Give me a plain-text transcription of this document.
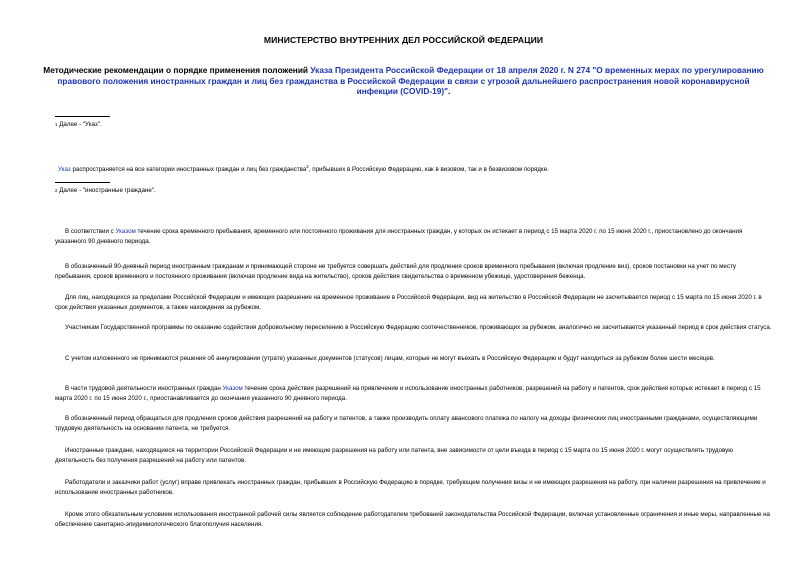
МИНИСТЕРСТВО ВНУТРЕННИХ ДЕЛ РОССИЙСКОЙ ФЕДЕРАЦИИ

Методические рекомендации о порядке применения положений Указа Президента Российской Федерации от 18 апреля 2020 г. N 274 "О временных мерах по урегулированию правового положения иностранных граждан и лиц без гражданства в Российской Федерации в связи с угрозой дальнейшего распространения новой коронавирусной инфекции (COVID-19)".

1 Далее - "Указ".

Указ распространяется на все категории иностранных граждан и лиц без гражданства$^2$, прибывших в Российскую Федерацию, как в визовом, так и в безвизовом порядке.

2 Далее - "иностранные граждане".

В соответствии с Указом течение срока временного пребывания, временного или постоянного проживания для иностранных граждан, у которых он истекает в период с 15 марта 2020 г. по 15 июня 2020 г., приостановлено до окончания указанного 90 дневного периода.

В обозначенный 90-дневный период иностранным гражданам и принимающей стороне не требуется совершать действий для продления сроков временного пребывания (включая продление виз), сроков постановки на учет по месту пребывания, сроков временного и постоянного проживания (включая продление вида на жительство), сроков действия свидетельства о временном убежище, удостоверения беженца.

Для лиц, находящихся за пределами Российской Федерации и имеющих разрешение на временное проживание в Российской Федерации, вид на жительство в Российской Федерации не засчитывается период с 15 марта по 15 июня 2020 г. в срок действия указанных документов, а также нахождения за рубежом.

Участникам Государственной программы по оказанию содействия добровольному переселению в Российскую Федерацию соотечественников, проживающих за рубежом, аналогично не засчитывается указанный период в срок действия статуса.

С учетом изложенного не принимаются решения об аннулировании (утрате) указанных документов (статусов) лицам, которые не могут въехать в Российскую Федерацию и будут находиться за рубежом более шести месяцев.

В части трудовой деятельности иностранных граждан Указом течение срока действия разрешений на привлечение и использование иностранных работников, разрешений на работу и патентов, срок действия которых истекает в период с 15 марта 2020 г. по 15 июня 2020 г., приостанавливается до окончания указанного 90 дневного периода.

В обозначенный период обращаться для продления сроков действия разрешений на работу и патентов, а также производить оплату авансового платежа по налогу на доходы физических лиц иностранными гражданами, осуществляющими трудовую деятельность на основании патента, не требуется.

Иностранные граждане, находящиеся на территории Российской Федерации и не имеющие разрешения на работу или патента, вне зависимости от цели въезда в период с 15 марта по 15 июня 2020 г. могут осуществлять трудовую деятельность без получения разрешений на работу или патентов.

Работодатели и заказчики работ (услуг) вправе привлекать иностранных граждан, прибывших в Российскую Федерацию в порядке, требующем получения визы и не имеющих разрешения на работу, при наличии разрешения на привлечение и использование иностранных работников.

Кроме этого обязательным условием использования иностранной рабочей силы является соблюдение работодателем требований законодательства Российской Федерации, включая установленные ограничения и иные меры, направленные на обеспечение санитарно-эпидемиологического благополучия населения.
